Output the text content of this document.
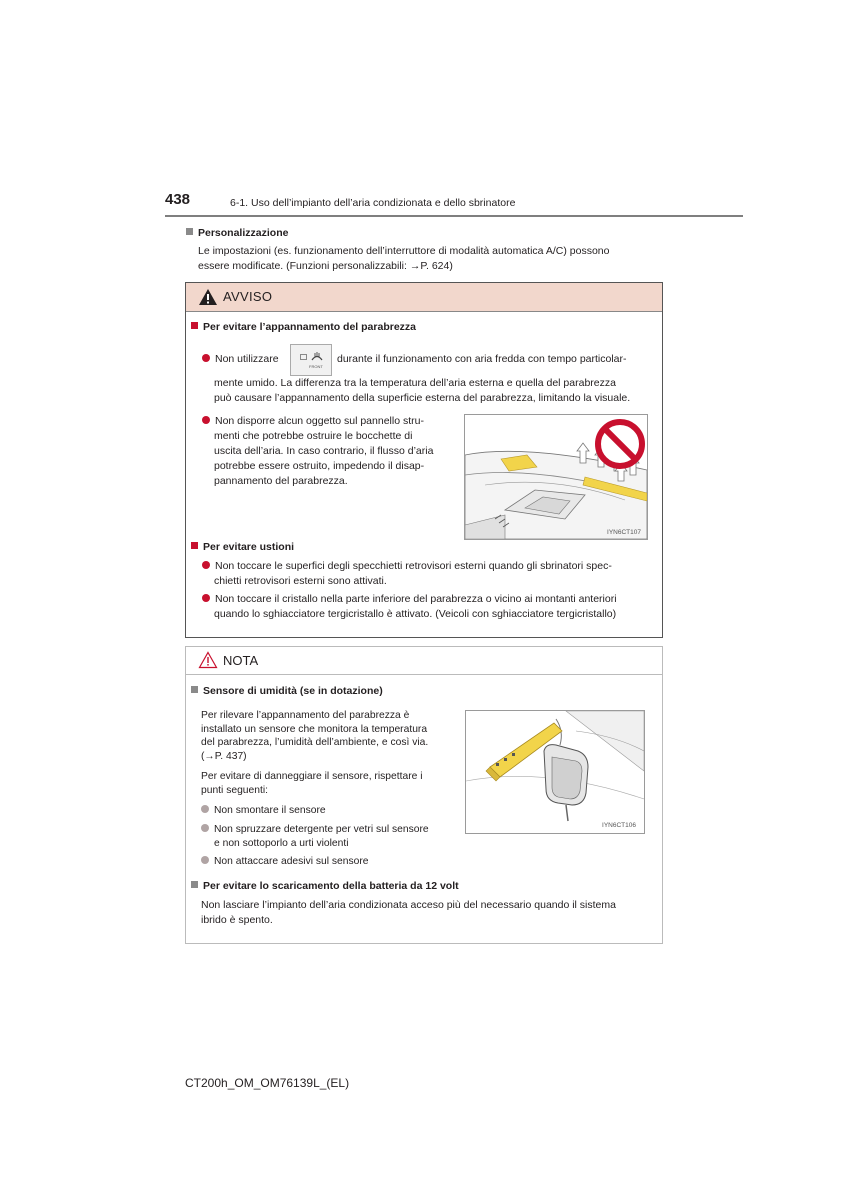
438	6-1. Uso dell’impianto dell’aria condizionata e dello sbrinatore
Personalizzazione
Le impostazioni (es. funzionamento dell’interruttore di modalità automatica A/C) possono
essere modificate. (Funzioni personalizzabili: →P. 624)
AVVISO
Per evitare l’appannamento del parabrezza
Non utilizzare
FRONT
durante il funzionamento con aria fredda con tempo particolar-
mente umido. La differenza tra la temperatura dell’aria esterna e quella del parabrezza
può causare l’appannamento della superficie esterna del parabrezza, limitando la visuale.
Non disporre alcun oggetto sul pannello stru-
menti che potrebbe ostruire le bocchette di
uscita dell’aria. In caso contrario, il flusso d’aria
potrebbe essere ostruito, impedendo il disap-
pannamento del parabrezza.
IYN6CT107
Per evitare ustioni
Non toccare le superfici degli specchietti retrovisori esterni quando gli sbrinatori spec-
chietti retrovisori esterni sono attivati.
Non toccare il cristallo nella parte inferiore del parabrezza o vicino ai montanti anteriori
quando lo sghiacciatore tergicristallo è attivato. (Veicoli con sghiacciatore tergicristallo)
NOTA
Sensore di umidità (se in dotazione)
Per rilevare l’appannamento del parabrezza è
installato un sensore che monitora la temperatura
del parabrezza, l’umidità dell’ambiente, e così via.
(→P. 437)
Per evitare di danneggiare il sensore, rispettare i
punti seguenti:
Non smontare il sensore
Non spruzzare detergente per vetri sul sensore
e non sottoporlo a urti violenti
Non attaccare adesivi sul sensore
IYN6CT106
Per evitare lo scaricamento della batteria da 12 volt
Non lasciare l’impianto dell’aria condizionata acceso più del necessario quando il sistema
ibrido è spento.
CT200h_OM_OM76139L_(EL)
